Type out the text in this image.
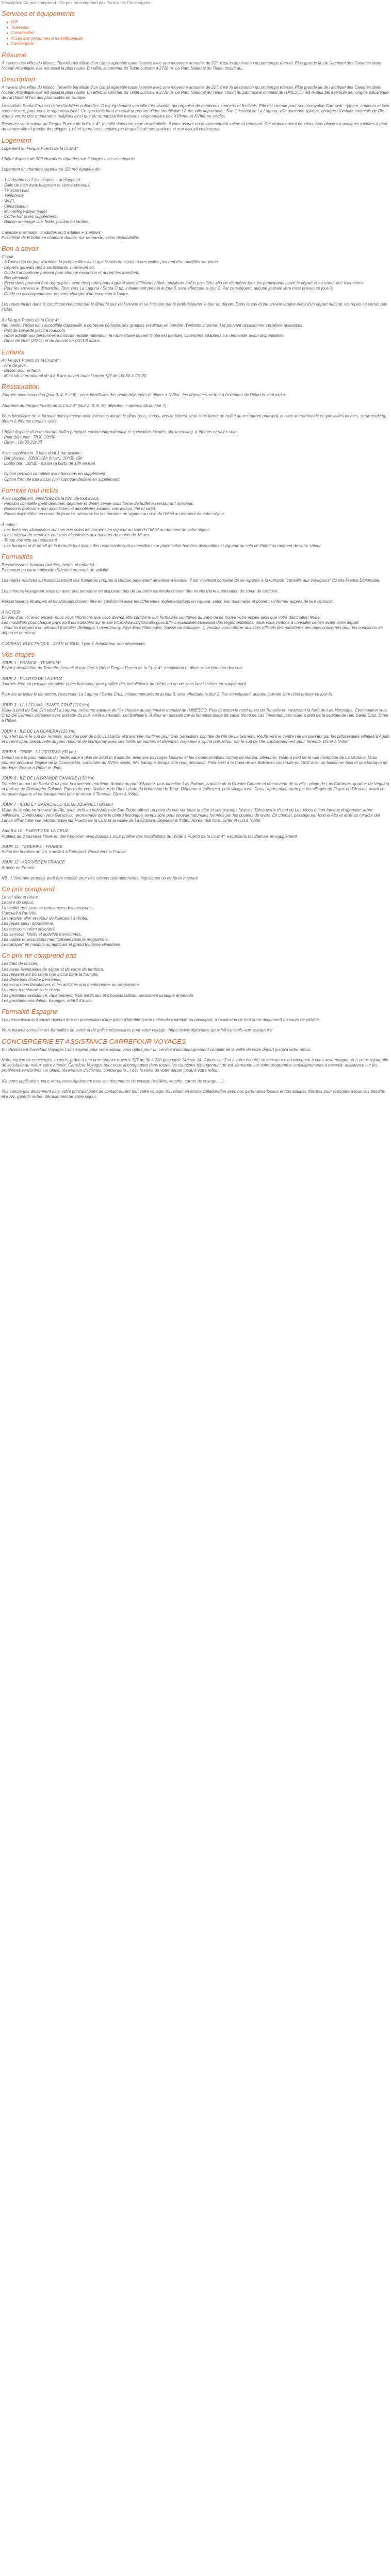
Description Ce prix comprend : Ce prix ne comprend pas Formalités Conciergerie
Services et équipements
Wifi
Télévision
Climatisation
Accès aux personnes à mobilité réduite
Conciergerie
Résumé

À travers des villes du Maroc, Tenerife bénéficie d'un climat agréable toute l'année avec une moyenne annuelle de 22°, c'est la destination du printemps éternel. Plus grande île de l'archipel des Canaries dans l'océan Atlantique, elle est aussi la plus haute. En effet, le sommet du Teide culmine à 3718 m. Le Parc National du Teide, inscrit au...

Description

À travers des villes du Maroc, Tenerife bénéficie d'un climat agréable toute l'année avec une moyenne annuelle de 22°, c'est la destination du printemps éternel. Plus grande île de l'archipel des Canaries dans l'océan Atlantique, elle est aussi la plus haute. En effet, le sommet du Teide culmine à 3718 m. Le Parc National du Teide, inscrit au patrimoine mondial de l'UNESCO est la plus bel exemple de l'origine volcanique de l'archipel et l'un des plus visités en Europe.

La capitale Santa Cruz est riche d'activités culturelles. C'est également une ville très vivante, qui organise de nombreux concerts et festivals. Elle est connue pour son incroyable Carnaval : rythme, couleurs et luxe sans mesure, pour vous le vigoureux Noël. Ce spectacle haut en couleur promet d'être inoubliable ! Autre ville importante : San Cristobal de La Laguna, ville ancienne typique, chargée d'histoire coloniale de l'île : vous y verrez des monuments religieux ainsi que de remarquables maisons seigneuriales des XVIème et XVIIIème siècles.

Réservez votre séjour au Fergus Puerto de la Cruz 4*. Installé dans une zone résidentielle, il vous assure un environnement calme et reposant. Cet emplacement de choix vous placera à quelques minutes à pied du centre-ville et proche des plages. L'hôtel saura vous séduire par la qualité de ses services et son accueil chaleureux.

Logement
Logement au Fergus Puerto de la Cruz 4* :
L'hôtel dispose de 303 chambres réparties sur 7 étages avec ascenseurs.
Logement en chambre supérieure (25 m²) équipée de :
- 1 lit double ou 2 lits simples + lit d'appoint
- Salle de bain avec baignoire et sèche-cheveux,
- TV écran plat,
- Téléphone,
- Wi-Fi,
- Climatisation,
- Mini-réfrigérateur (vide),
- Coffre-fort (avec supplément)
- Balcon aménagé vue Teide, piscine ou jardins.
Capacité maximale : 3 adultes ou 2 adultes + 1 enfant.
Possibilité de lit bébé en chambre double, sur demande, selon disponibilité.
Bon à savoir
Circuit :
- À l'occasion du jour d'arrivée, la journée libre ainsi que le soin du circuit et des visites peuvent être modifiés sur place.
- Départs garantis dès 2 participants, maximum 50.
- Guide francophone présent pour chaque excursion et durant les transferts.
- Bus climatisé.
- Excursions pouvant être regroupées avec des participants logeant dans différents hôtels, plusieurs arrêts possibles afin de récupérer tous les participants avant le départ et au retour des excursions.
- Pour les arrivées le dimanche, Tous vers La Laguna / Santa Cruz, initialement prévue le jour 3, sera effectuée le jour 2. Par conséquent, aucune journée libre n'est prévue ce jour-là.
- Guide ou accompagnateur pouvant changer d'un excursion à l'autre.
Les repas inclus dans le circuit commencent par le dîner le jour de l'arrivée et se finissent par le petit-déjeuner le jour du départ. Dans le cas d'une arrivée tardive et/ou d'un départ matinal, les repas ne seront pas inclus.
Au Fergus Puerto de la Cruz 4* :
Info vérité : l'hôtel est susceptible d'accueillir à certaines périodes des groupes (explique un nombre d'enfants important) et pouvant occasionner certaines nuisances.
- Prêt de serviette piscine (caution).
- Hôtel adapté aux personnes à mobilité réduite (attention: la route située devant l'hôtel est pentue). Chambres adaptées sur demande, selon disponibilités.
- Dîner de Noël (25/12) et du Nouvel an (31/12) inclus.
Enfants
Au Fergus Puerto de la Cruz 4* :
- Aire de jeux.
- Bassin pour enfants.
- Miniclub international de 4 à 8 ans ouvert toute l'année 7j/7 de 10h30 à 17h30
Restauration
Journée avec excursion (jour 3, 4, 5 et 6) : vous bénéficiez des petits-déjeuners et dîners à l'hôtel : les déjeuners se font à l'extérieur de l'hôtel et sont inclus.
Journées au Fergus Puerto de la Cruz 4* (jour 2, 8, 9, 10, déjeuner + après-midi du jour 7) :
Vous bénéficiez de la formule demi-pension avec boissons durant le dîner (eau, sodas, vins et bières) servi sous forme de buffet au restaurant principal, cuisine internationale et spécialités locales, show cooking, dîners à thèmes certains soirs.
L'hôtel dispose d'un restaurant buffet principal, cuisine internationale et spécialités locales, show cooking, à thèmes certains soirs.
- Petit-déjeuner : 7h30-10h30
- Dîner : 18h30-21h30
Avec supplément, 3 bars dont 1 bar piscine :
- Bar piscine : 10h30-18h (hiver), 10h30-19h
- Lobby bar : 18h30 - minuit (à partir de 19h en été).
- Option pension complète avec boissons en supplément
- Option formule tout inclus (voir rubrique dédiée) en supplément
Formule tout inclus
Avec supplément, bénéficiez de la formule tout inclus :
- Pension complète (petit-déjeuner, déjeuner et dîner) servie sous forme de buffet au restaurant principal.
- Boissons (boissons non alcoolisées et alcoolisées locales, vins locaux, thé et café).
- Encas disponibles en cours de journée, servis selon les horaires en vigueur au sein de l'hôtel au moment de votre séjour.
À noter :
- Les boissons alcoolisées sont servies selon les horaires en vigueur au sein de l'hôtel au moment de votre séjour.
- Il est interdit de servir les boissons alcoolisées aux mineurs de moins de 18 ans.
- Tenue correcte au restaurant.
- Les horaires et le détail de la formule tout inclus des restaurants sont accessibles sur place selon horaires disponibles et vigueur au sein de l'hôtel au moment de votre séjour.
Formalités
Ressortissants français (adultes, bébés et enfants) :
Passeport ou carte nationale d'identité en cours de validité.
Les règles relatives au franchissement des frontières propres à chaque pays étant amenées à évoluer, il est vivement conseillé de se reporter à la rubrique "conseils aux voyageurs" du site France Diplomatie.
Les mineurs voyageant seuls ou avec une personne ne disposant pas de l'autorité parentale doivent être munis d'une autorisation de sortie de territoire.
Ressortissants étrangers et binationaux doivent être en conformité avec les différentes réglementations en vigueur, selon leur nationalité et doivent s'informer auprès de leur consulat.
A NOTER
En vue d'un vol avec escale, nous vous informons que vous devrez être conforme aux formalités sanitaires du pays où se trouve votre escale ainsi que votre destination finale.
Les modalités pour chaque pays sont consultables sur le site https://www.diplomatie.gouv.fr/fr/ L'exclusivité incessant des règlementations, nous vous invitons à consulter ce lien avant votre départ.
- Pour tout départ d'un aéroport frontalier (Belgique, Luxembourg, Pays-Bas, Allemagne, Suisse ou Espagne...), veuillez vous référer aux sites officiels des ministères des pays concernés pour les conditions de départ et de retour.
COURANT ÉLECTRIQUE : 230 V et 50Hz. Type F. Adaptateur non nécessaire.
Vos étapes
JOUR 1 : FRANCE - TENERIFE
Envol à destination de Tenerife. Accueil et transfert à l'hôtel Fergus Puerto de la Cruz 4*. Installation et dîner selon horaires des vols.
JOUR 2 : PUERTO DE LA CRUZ
Journée libre en pension complète (avec boissons) pour profiter des installations de l'hôtel ou en vie sans localisations en supplément.
Pour les arrivées le dimanche, l'excursion La Laguna / Santa Cruz, initialement prévue le jour 3, sera effectuée le jour 2. Par conséquent, aucune journée libre n'est prévue ce jour-là.
JOUR 3 : LA LAGUNA - SANTA CRUZ (110 km)
Visite à pied de San Cristobal La Laguna, ancienne capitale de l'île classée au patrimoine mondial de l'UNESCO. Puis direction le nord-ouest de Tenerife en traversant la forêt de Las Mercedes. Continuation vers Cruz del Carmen, déjeuner avec poisson du jour. Arrêt au mirador del Bailadero. Retour en passant par la fameuse plage de sable blond de Las Teresitas, puis visite à pied de la capitale de l'île, Santa Cruz. Dîner à l'hôtel.
JOUR 4 : ÎLE DE LA GOMERA (125 km)
Transfert dans le sud de Tenerife, jusqu'au port de Los Cristianos et traversée maritime pour San Sebastian, capitale de l'île de La Gomera. Route vers le centre l'île en passant par les pittoresques villages d'Agulo et d'Hermigua. Découverte du parc national de Garajonay avec ses forêts de lauriers et déjeuner. Déjeuner à Epina puis retour par le sud de l'île. Embarquement pour Tenerife. Dîner à l'hôtel.
JOUR 5 : TEIDE - LA OROTAVA (90 km)
Départ vers le parc national du Teide, situé à plus de 2000 m d'altitude, avec ses paysages lunaires et les incontournables roches de García. Déjeuner. Visite à pied de la ville historique de La Orotava. Vous pourrez découvrir l'église de la Concepción, construite au XVIIIe siècle, très baroque, temps libre pour découvrir. Petit arrêt à la Casa de los Balcones construite en 1632 avec un balcon en bois et une fabrique de broderie. Retour à l'hôtel et dîner.
JOUR 6 : ÎLE DE LA GRANDE CANARIE (190 km)
Transfert au port de Santa Cruz pour la traversée maritime. Arrivée au port d'Agaete, puis direction Las Palmas, capitale de la Grande Canarie et découverte de la ville : plage de Las Canteras, quartier de Vegueta et maison de Christophe Colomb. Puis route vers l'intérieur de l'île et visite du botanique de Teror. Déjeuner à Valleseco, petit village rural. Dans l'après-midi, route par les villages de Firgas et d'Arucas, avant de retrouver Agaete et embarquement pour le retour à Tenerife. Dîner à l'hôtel.
JOUR 7 : ICOD ET GARACHICO (DEMI-JOURNÉE) (90 km)
Visite de la côte nord-ouest de l'île, avec arrêt au belvédère de San Pedro offrant un point de vue sur toute la côte et ses grandes falaises. Découverte d'Icod de Los Vinos et son fameux dragonnier, arbre millénaire. Continuation vers Garachico, promenade dans le centre historique, temps libre pour pouvoir naturelles formées par les coulées de laves. En chemin, passage par Icod el Alto et arrêt au mirador del Lance offrant une vue panoramique sur Puerto de la Cruz et la vallée de La Orotava. Déjeuner à l'hôtel. Après-midi libre. Dîner et nuit à l'hôtel.
Jour 8 à 10 : PUERTO DE LA CRUZ
Profitez de 3 journées libres en demi-pension avec boissons pour profiter des installations de l'hôtel à Puerto de la Cruz 4*, excursions facultatives en supplément.
JOUR 11 : TENERIFE - FRANCE
Selon les horaires de vol, transfert à l'aéroport. Envol vers la France.
JOUR 12 : ARRIVÉE EN FRANCE
Arrivée en France.
NB : L'itinéraire proposé peut être modifié pour des raisons opérationnelles, logistiques ou de force majeure
Ce prix comprend
Le vol aller et retour,
La taxe de séjour,
La totalité des taxes et redevances des aéroports,
L'accueil à l'arrivée,
Le transfert aller et retour de l'aéroport à l'hôtel,
Les repas selon programme,
Les boissons selon descriptif,
Les services, loisirs et activités mentionnés,
Les visites et excursions mentionnées dans le programme,
Le transport en minibus ou autocars et grand tourisme climatisés.
Ce prix ne comprend pas
Les frais de dossier,
Les taxes éventuelles de séjour et de sortie de territoire,
Les repas et les boissons non inclus dans la formule,
Les dépenses d'ordre personnel,
Les excursions facultatives et les activités non mentionnées au programme,
Le repas mentionné sous charte,
Les garanties assistance, rapatriement, frais médicaux et d'hospitalisation, assistance juridique et pénale,
Les garanties annulation, bagages, retard d'avion.
Formalité Espagne
Les ressortissants français doivent être en possession d'une pièce d'identité (carte nationale d'identité ou passeport, à l'exclusion de tout autre document) en cours de validité.
Vous pouvez consulter les formalités de santé et de police nécessaires pour votre voyage : https://www.diplomatie.gouv.fr/fr/conseils-aux-voyageurs/
CONCIERGERIE ET ASSISTANCE CARREFOUR VOYAGES
En choisissant Carrefour Voyages Conciergerie pour votre séjour, vous optez pour un service d'accompagnement complet de la veille de votre départ jusqu'à votre retour.
Notre équipe de concierges, experts, grâce à une permanence ouverte 7j/7 de 9h à 22h (joignable 24h sur 24, 7 jours sur 7 et à votre écoute) se consacre exclusivement à vous accompagner et à votre séjour afin de satisfaire au mieux votre attente. Carrefour Voyages pour vous accompagner dans toutes les situations (changement de vol, demande sur votre programme, renseignements à recevoir, assistance sur les problèmes rencontrés sur place, réservation d'activités, conciergerie...) dès la veille de votre départ jusqu'à votre retour.
Via votre application, vous retrouverez également tous vos documents de voyage (e-billets, vouche, carnet de voyage, ...)
Vos concierges deviennent ainsi votre principal point de contact durant tout votre voyage, travaillant en étroite collaboration avec nos partenaires locaux et nos équipes internes pour répondre à tous vos besoins et avez, garantir le bon déroulement de votre séjour.
